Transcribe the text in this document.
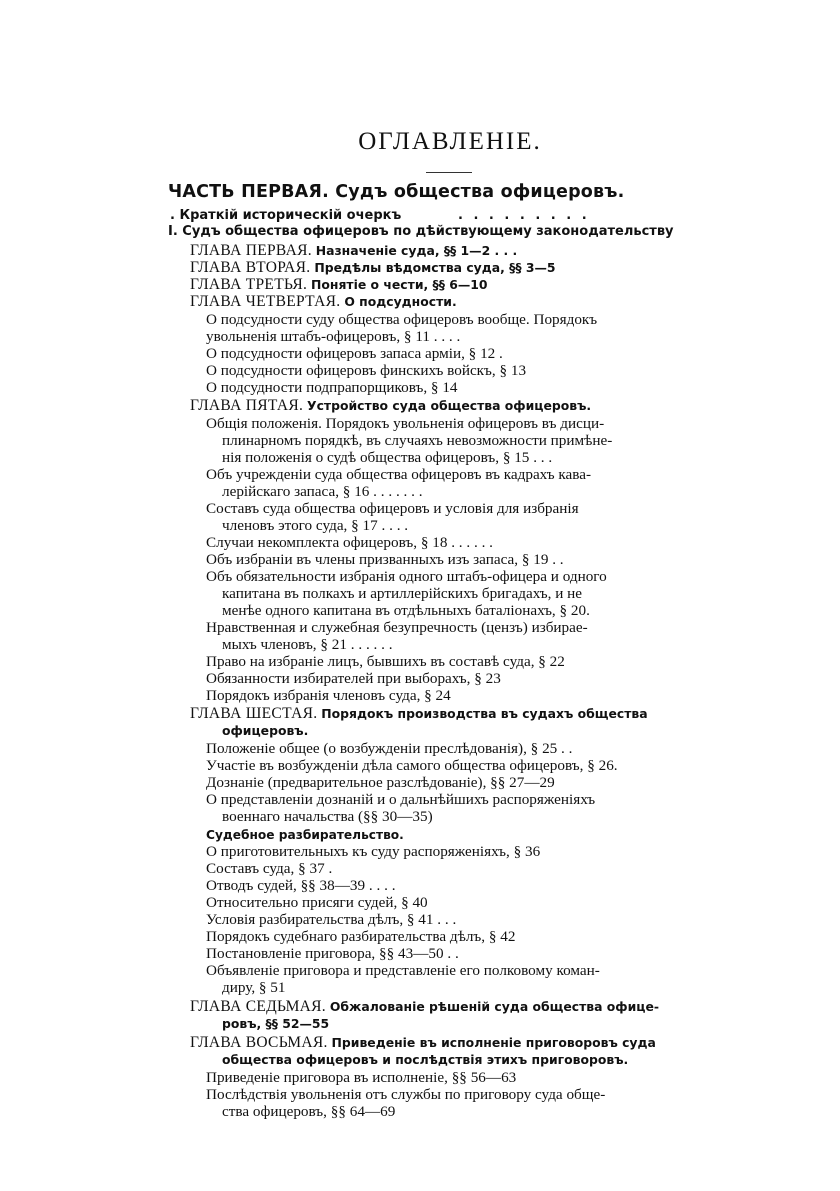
ОГЛАВЛЕНІЕ.
ЧАСТЬ ПЕРВАЯ. Судъ общества офицеровъ.
. Краткій историческій очеркъ	. . . . . . . . .
I. Судъ общества офицеровъ по дѣйствующему законодательству
ГЛАВА ПЕРВАЯ. Назначеніе суда, §§ 1—2 . . .
ГЛАВА ВТОРАЯ. Предѣлы вѣдомства суда, §§ 3—5
ГЛАВА ТРЕТЬЯ. Понятіе о чести, §§ 6—10
ГЛАВА ЧЕТВЕРТАЯ. О подсудности.
О подсудности суду общества офицеровъ вообще. Порядокъ
увольненія штабъ-офицеровъ, § 11 . . . .
О подсудности офицеровъ запаса арміи, § 12 .
О подсудности офицеровъ финскихъ войскъ, § 13
О подсудности подпрапорщиковъ, § 14
ГЛАВА ПЯТАЯ. Устройство суда общества офицеровъ.
Общія положенія. Порядокъ увольненія офицеровъ въ дисци-
плинарномъ порядкѣ, въ случаяхъ невозможности примѣне-
нія положенія о судѣ общества офицеровъ, § 15 . . .
Объ учрежденіи суда общества офицеровъ въ кадрахъ кава-
лерійскаго запаса, § 16 . . . . . . .
Составъ суда общества офицеровъ и условія для избранія
членовъ этого суда, § 17 . . . .
Случаи некомплекта офицеровъ, § 18 . . . . . .
Объ избраніи въ члены призванныхъ изъ запаса, § 19 . .
Объ обязательности избранія одного штабъ-офицера и одного
капитана въ полкахъ и артиллерійскихъ бригадахъ, и не
менѣе одного капитана въ отдѣльныхъ баталіонахъ, § 20.
Нравственная и служебная безупречность (цензъ) избирае-
мыхъ членовъ, § 21 . . . . . .
Право на избраніе лицъ, бывшихъ въ составѣ суда, § 22
Обязанности избирателей при выборахъ, § 23
Порядокъ избранія членовъ суда, § 24
ГЛАВА ШЕСТАЯ. Порядокъ производства въ судахъ общества
офицеровъ.
Положеніе общее (о возбужденіи преслѣдованія), § 25 . .
Участіе въ возбужденіи дѣла самого общества офицеровъ, § 26.
Дознаніе (предварительное разслѣдованіе), §§ 27—29
О представленіи дознаній и о дальнѣйшихъ распоряженіяхъ
военнаго начальства (§§ 30—35)
Судебное разбирательство.
О приготовительныхъ къ суду распоряженіяхъ, § 36
Составъ суда, § 37 .
Отводъ судей, §§ 38—39 . . . .
Относительно присяги судей, § 40
Условія разбирательства дѣлъ, § 41 . . .
Порядокъ судебнаго разбирательства дѣлъ, § 42
Постановленіе приговора, §§ 43—50 . .
Объявленіе приговора и представленіе его полковому коман-
диру, § 51
ГЛАВА СЕДЬМАЯ. Обжалованіе рѣшеній суда общества офице-
ровъ, §§ 52—55
ГЛАВА ВОСЬМАЯ. Приведеніе въ исполненіе приговоровъ суда
общества офицеровъ и послѣдствія этихъ приговоровъ.
Приведеніе приговора въ исполненіе, §§ 56—63
Послѣдствія увольненія отъ службы по приговору суда обще-
ства офицеровъ, §§ 64—69
